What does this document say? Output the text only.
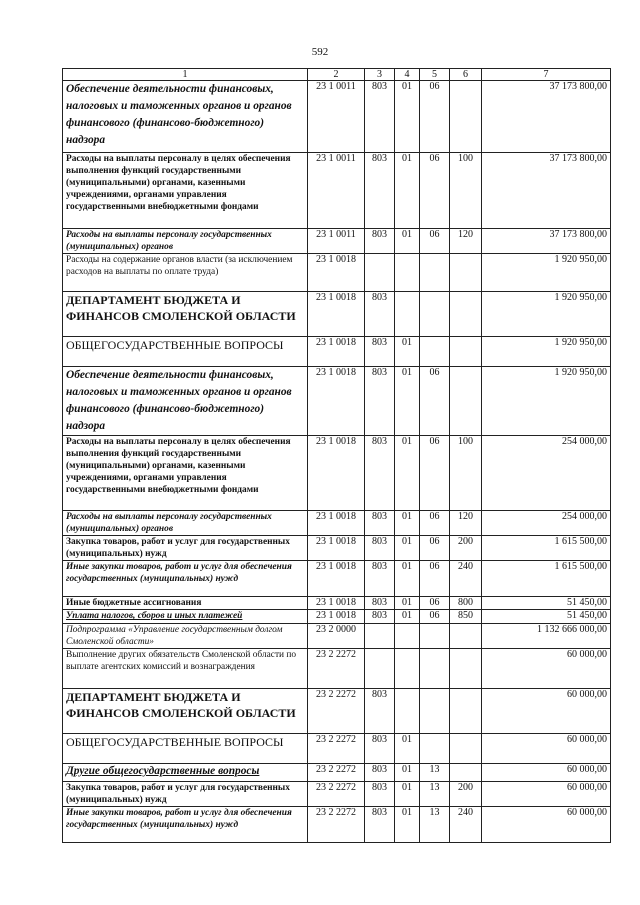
592
1	2	3	4	5	6	7
Обеспечение деятельности финансовых, налоговых и таможенных органов и органов финансового (финансово-бюджетного) надзора	23 1 0011	803	01	06		37 173 800,00
Расходы на выплаты персоналу в целях обеспечения выполнения функций государственными (муниципальными) органами, казенными учреждениями, органами управления государственными внебюджетными фондами	23 1 0011	803	01	06	100	37 173 800,00
Расходы на выплаты персоналу государственных (муниципальных) органов	23 1 0011	803	01	06	120	37 173 800,00
Расходы на содержание органов власти (за исключением расходов на выплаты по оплате труда)	23 1 0018					1 920 950,00
ДЕПАРТАМЕНТ БЮДЖЕТА И ФИНАНСОВ СМОЛЕНСКОЙ ОБЛАСТИ	23 1 0018	803				1 920 950,00
ОБЩЕГОСУДАРСТВЕННЫЕ ВОПРОСЫ	23 1 0018	803	01			1 920 950,00
Обеспечение деятельности финансовых, налоговых и таможенных органов и органов финансового (финансово-бюджетного) надзора	23 1 0018	803	01	06		1 920 950,00
Расходы на выплаты персоналу в целях обеспечения выполнения функций государственными (муниципальными) органами, казенными учреждениями, органами управления государственными внебюджетными фондами	23 1 0018	803	01	06	100	254 000,00
Расходы на выплаты персоналу государственных (муниципальных) органов	23 1 0018	803	01	06	120	254 000,00
Закупка товаров, работ и услуг для государственных (муниципальных) нужд	23 1 0018	803	01	06	200	1 615 500,00
Иные закупки товаров, работ и услуг для обеспечения государственных (муниципальных) нужд	23 1 0018	803	01	06	240	1 615 500,00
Иные бюджетные ассигнования	23 1 0018	803	01	06	800	51 450,00
Уплата налогов, сборов и иных платежей	23 1 0018	803	01	06	850	51 450,00
Подпрограмма «Управление государственным долгом Смоленской области»	23 2 0000					1 132 666 000,00
Выполнение других обязательств Смоленской области по выплате агентских комиссий и вознаграждения	23 2 2272					60 000,00
ДЕПАРТАМЕНТ БЮДЖЕТА И ФИНАНСОВ СМОЛЕНСКОЙ ОБЛАСТИ	23 2 2272	803				60 000,00
ОБЩЕГОСУДАРСТВЕННЫЕ ВОПРОСЫ	23 2 2272	803	01			60 000,00
Другие общегосударственные вопросы	23 2 2272	803	01	13		60 000,00
Закупка товаров, работ и услуг для государственных (муниципальных) нужд	23 2 2272	803	01	13	200	60 000,00
Иные закупки товаров, работ и услуг для обеспечения государственных (муниципальных) нужд	23 2 2272	803	01	13	240	60 000,00
